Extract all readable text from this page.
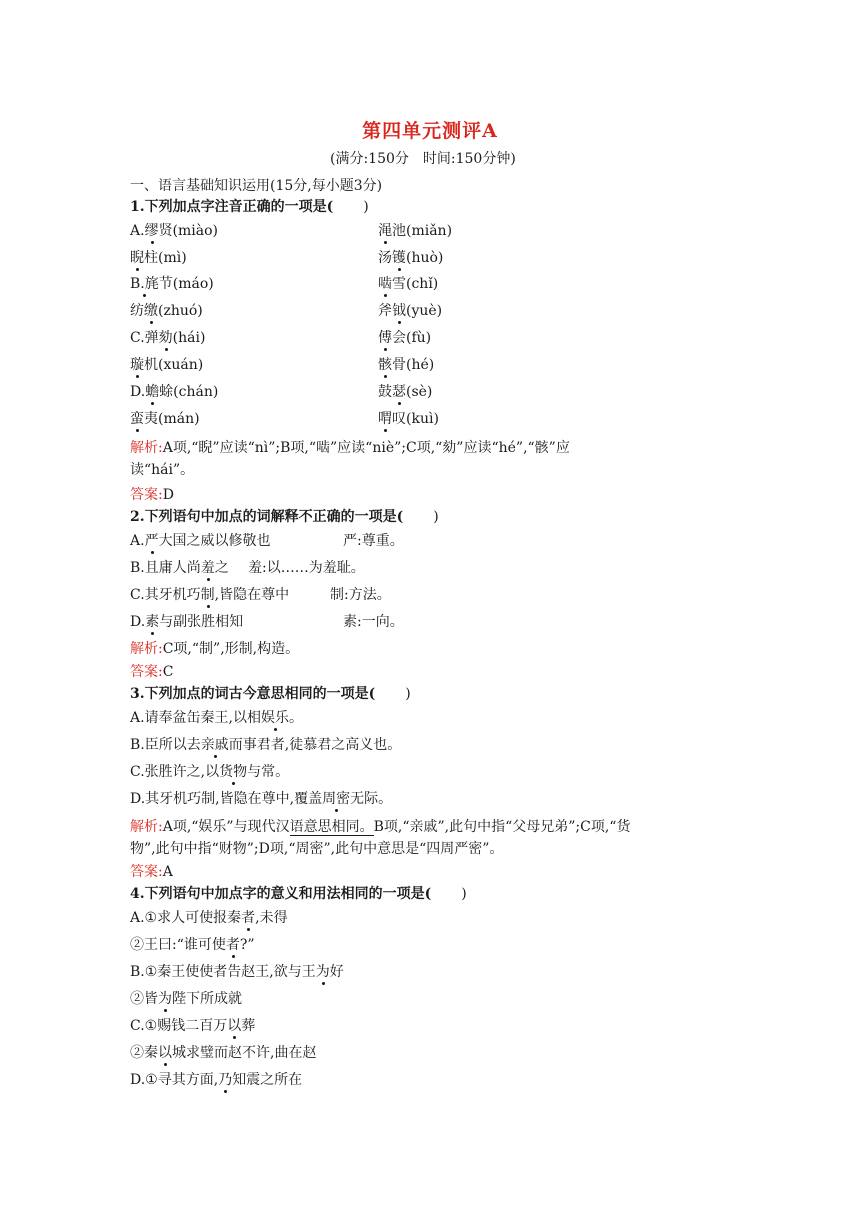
第四单元测评A
(满分:150分　时间:150分钟)
一、语言基础知识运用(15分,每小题3分)
1.下列加点字注音正确的一项是( )
A.缪贤(miào)	渑池(miǎn)
睨柱(mì)	汤镬(huò)
B.旄节(máo)	啮雪(chǐ)
纺缴(zhuó)	斧钺(yuè)
C.弹劾(hái)	傅会(fù)
璇机(xuán)	骸骨(hé)
D.蟾蜍(chán)	鼓瑟(sè)
蛮夷(mán)	喟叹(kuì)
解析:A项,“睨”应读“nì”;B项,“啮”应读“niè”;C项,“劾”应读“hé”,“骸”应
读“hái”。
答案:D
2.下列语句中加点的词解释不正确的一项是( )
A.严大国之威以修敬也	严:尊重。
B.且庸人尚羞之 羞:以……为羞耻。
C.其牙机巧制,皆隐在尊中	制:方法。
D.素与副张胜相知	素:一向。
解析:C项,“制”,形制,构造。
答案:C
3.下列加点的词古今意思相同的一项是( )
A.请奉盆缶秦王,以相娱乐。
B.臣所以去亲戚而事君者,徒慕君之高义也。
C.张胜许之,以货物与常。
D.其牙机巧制,皆隐在尊中,覆盖周密无际。
解析:A项,“娱乐”与现代汉语意思相同。B项,“亲戚”,此句中指“父母兄弟”;C项,“货
物”,此句中指“财物”;D项,“周密”,此句中意思是“四周严密”。
答案:A
4.下列语句中加点字的意义和用法相同的一项是( )
A.①求人可使报秦者,未得
②王曰:“谁可使者?”
B.①秦王使使者告赵王,欲与王为好
②皆为陛下所成就
C.①赐钱二百万以葬
②秦以城求璧而赵不许,曲在赵
D.①寻其方面,乃知震之所在
